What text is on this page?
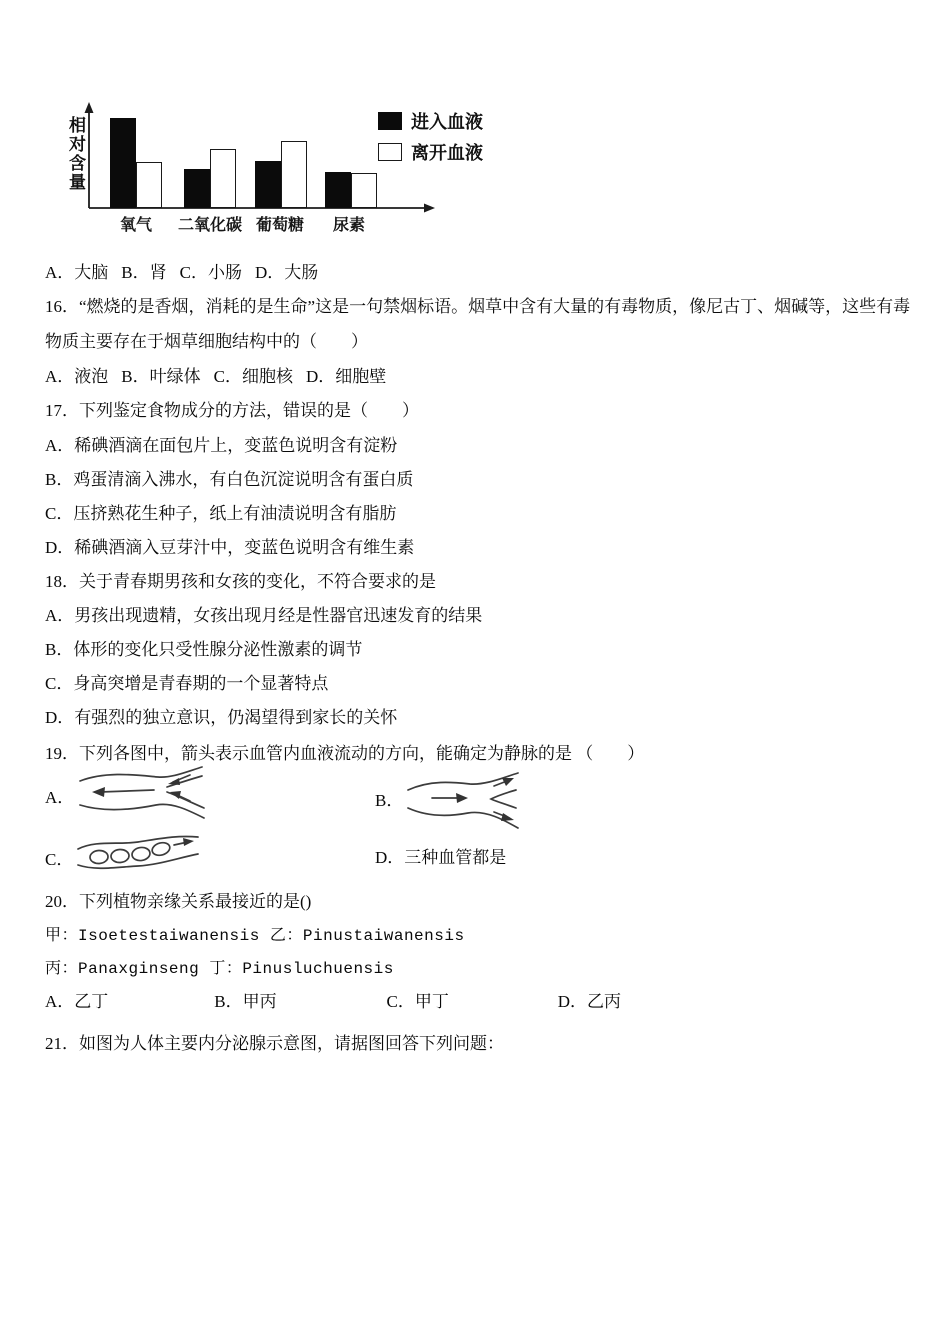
相对含量
氧气 二氧化碳 葡萄糖 尿素
进入血液
离开血液
A．大脑 B．肾 C．小肠 D．大肠
16．“燃烧的是香烟，消耗的是生命”这是一句禁烟标语。烟草中含有大量的有毒物质，像尼古丁、烟碱等，这些有毒
物质主要存在于烟草细胞结构中的（　　）
A．液泡 B．叶绿体 C．细胞核 D．细胞壁
17．下列鉴定食物成分的方法，错误的是（　　）
A．稀碘酒滴在面包片上，变蓝色说明含有淀粉
B．鸡蛋清滴入沸水，有白色沉淀说明含有蛋白质
C．压挤熟花生种子，纸上有油渍说明含有脂肪
D．稀碘酒滴入豆芽汁中，变蓝色说明含有维生素
18．关于青春期男孩和女孩的变化，不符合要求的是
A．男孩出现遗精，女孩出现月经是性器官迅速发育的结果
B．体形的变化只受性腺分泌性激素的调节
C．身高突增是青春期的一个显著特点
D．有强烈的独立意识，仍渴望得到家长的关怀
19．下列各图中，箭头表示血管内血液流动的方向，能确定为静脉的是 （　　）
A．	B．
C．	D．三种血管都是
20．下列植物亲缘关系最接近的是()
甲：Isoetestaiwanensis 乙：Pinustaiwanensis
丙：Panaxginseng 丁：Pinusluchuensis
A．乙丁	B．甲丙	C．甲丁	D．乙丙
21．如图为人体主要内分泌腺示意图，请据图回答下列问题：
